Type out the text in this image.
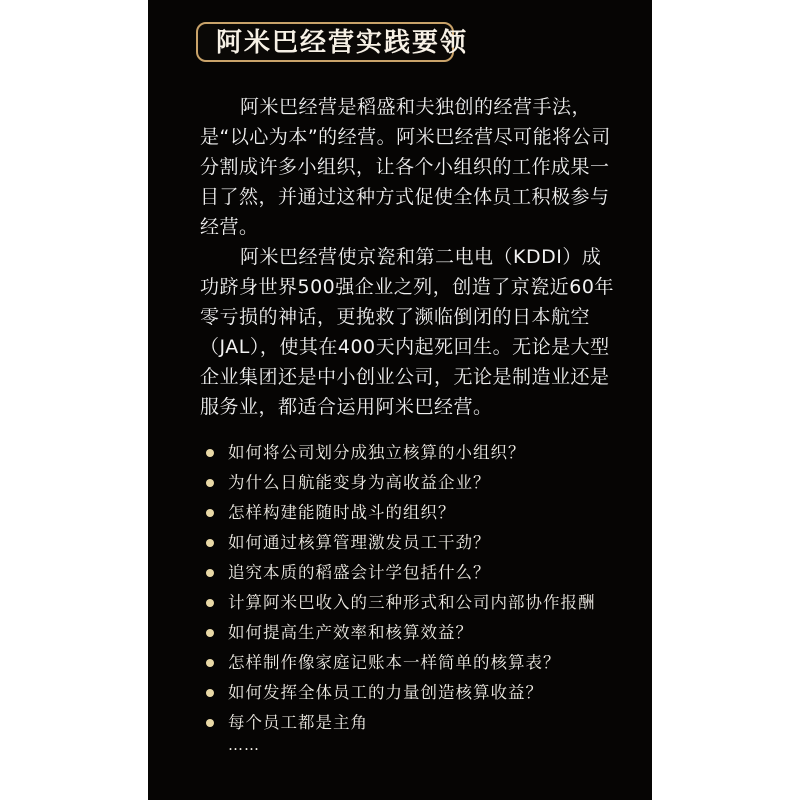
阿米巴经营实践要领

阿米巴经营是稻盛和夫独创的经营手法，是“以心为本”的经营。阿米巴经营尽可能将公司分割成许多小组织，让各个小组织的工作成果一目了然，并通过这种方式促使全体员工积极参与经营。

阿米巴经营使京瓷和第二电电（KDDI）成功跻身世界500强企业之列，创造了京瓷近60年零亏损的神话，更挽救了濒临倒闭的日本航空（JAL），使其在400天内起死回生。无论是大型企业集团还是中小创业公司，无论是制造业还是服务业，都适合运用阿米巴经营。

如何将公司划分成独立核算的小组织？
为什么日航能变身为高收益企业？
怎样构建能随时战斗的组织？
如何通过核算管理激发员工干劲？
追究本质的稻盛会计学包括什么？
计算阿米巴收入的三种形式和公司内部协作报酬
如何提高生产效率和核算效益？
怎样制作像家庭记账本一样简单的核算表？
如何发挥全体员工的力量创造核算收益？
每个员工都是主角
……
